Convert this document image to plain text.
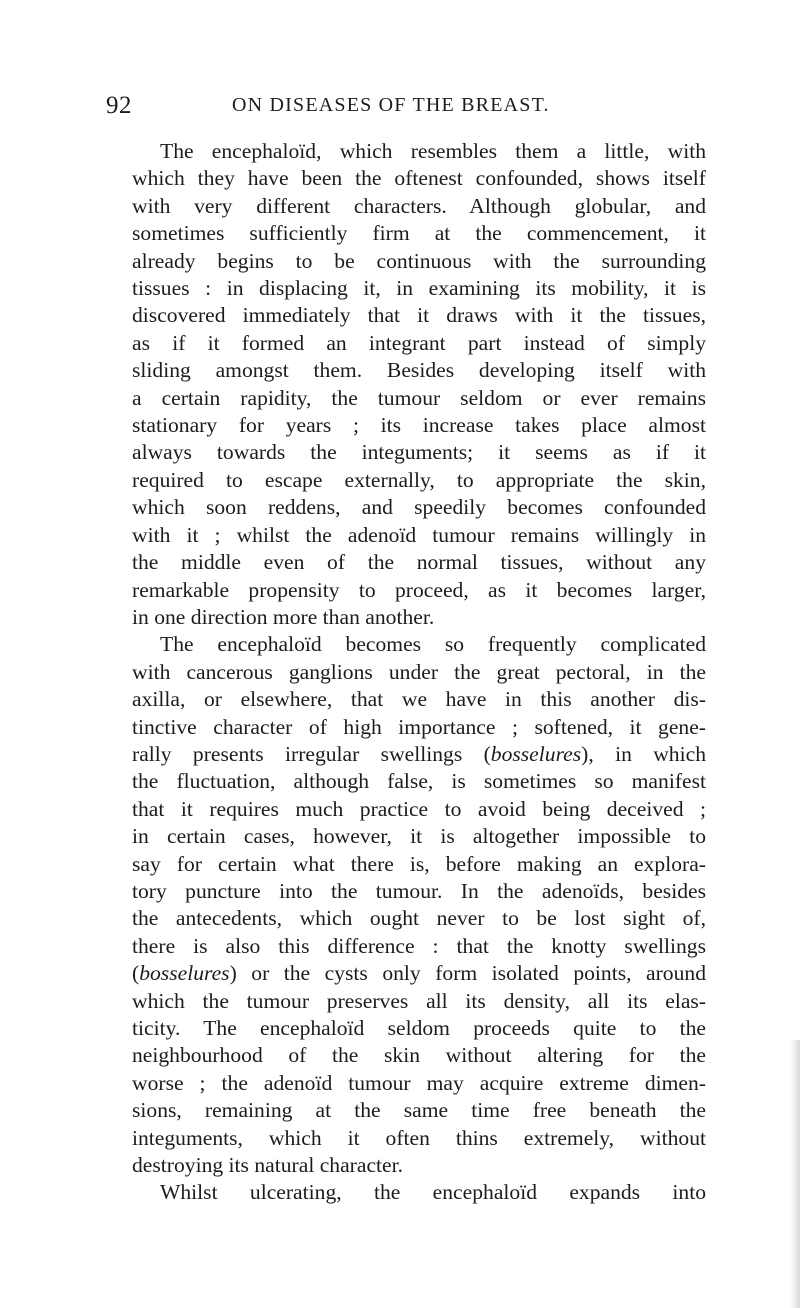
92	ON DISEASES OF THE BREAST.

The encephaloïd, which resembles them a little, with
which they have been the oftenest confounded, shows itself
with very different characters. Although globular, and
sometimes sufficiently firm at the commencement, it
already begins to be continuous with the surrounding
tissues : in displacing it, in examining its mobility, it is
discovered immediately that it draws with it the tissues,
as if it formed an integrant part instead of simply
sliding amongst them. Besides developing itself with
a certain rapidity, the tumour seldom or ever remains
stationary for years ; its increase takes place almost
always towards the integuments; it seems as if it
required to escape externally, to appropriate the skin,
which soon reddens, and speedily becomes confounded
with it ; whilst the adenoïd tumour remains willingly in
the middle even of the normal tissues, without any
remarkable propensity to proceed, as it becomes larger,
in one direction more than another.

The encephaloïd becomes so frequently complicated
with cancerous ganglions under the great pectoral, in the
axilla, or elsewhere, that we have in this another dis-
tinctive character of high importance ; softened, it gene-
rally presents irregular swellings (bosselures), in which
the fluctuation, although false, is sometimes so manifest
that it requires much practice to avoid being deceived ;
in certain cases, however, it is altogether impossible to
say for certain what there is, before making an explora-
tory puncture into the tumour. In the adenoïds, besides
the antecedents, which ought never to be lost sight of,
there is also this difference : that the knotty swellings
(bosselures) or the cysts only form isolated points, around
which the tumour preserves all its density, all its elas-
ticity. The encephaloïd seldom proceeds quite to the
neighbourhood of the skin without altering for the
worse ; the adenoïd tumour may acquire extreme dimen-
sions, remaining at the same time free beneath the
integuments, which it often thins extremely, without
destroying its natural character.

Whilst ulcerating, the encephaloïd expands into
